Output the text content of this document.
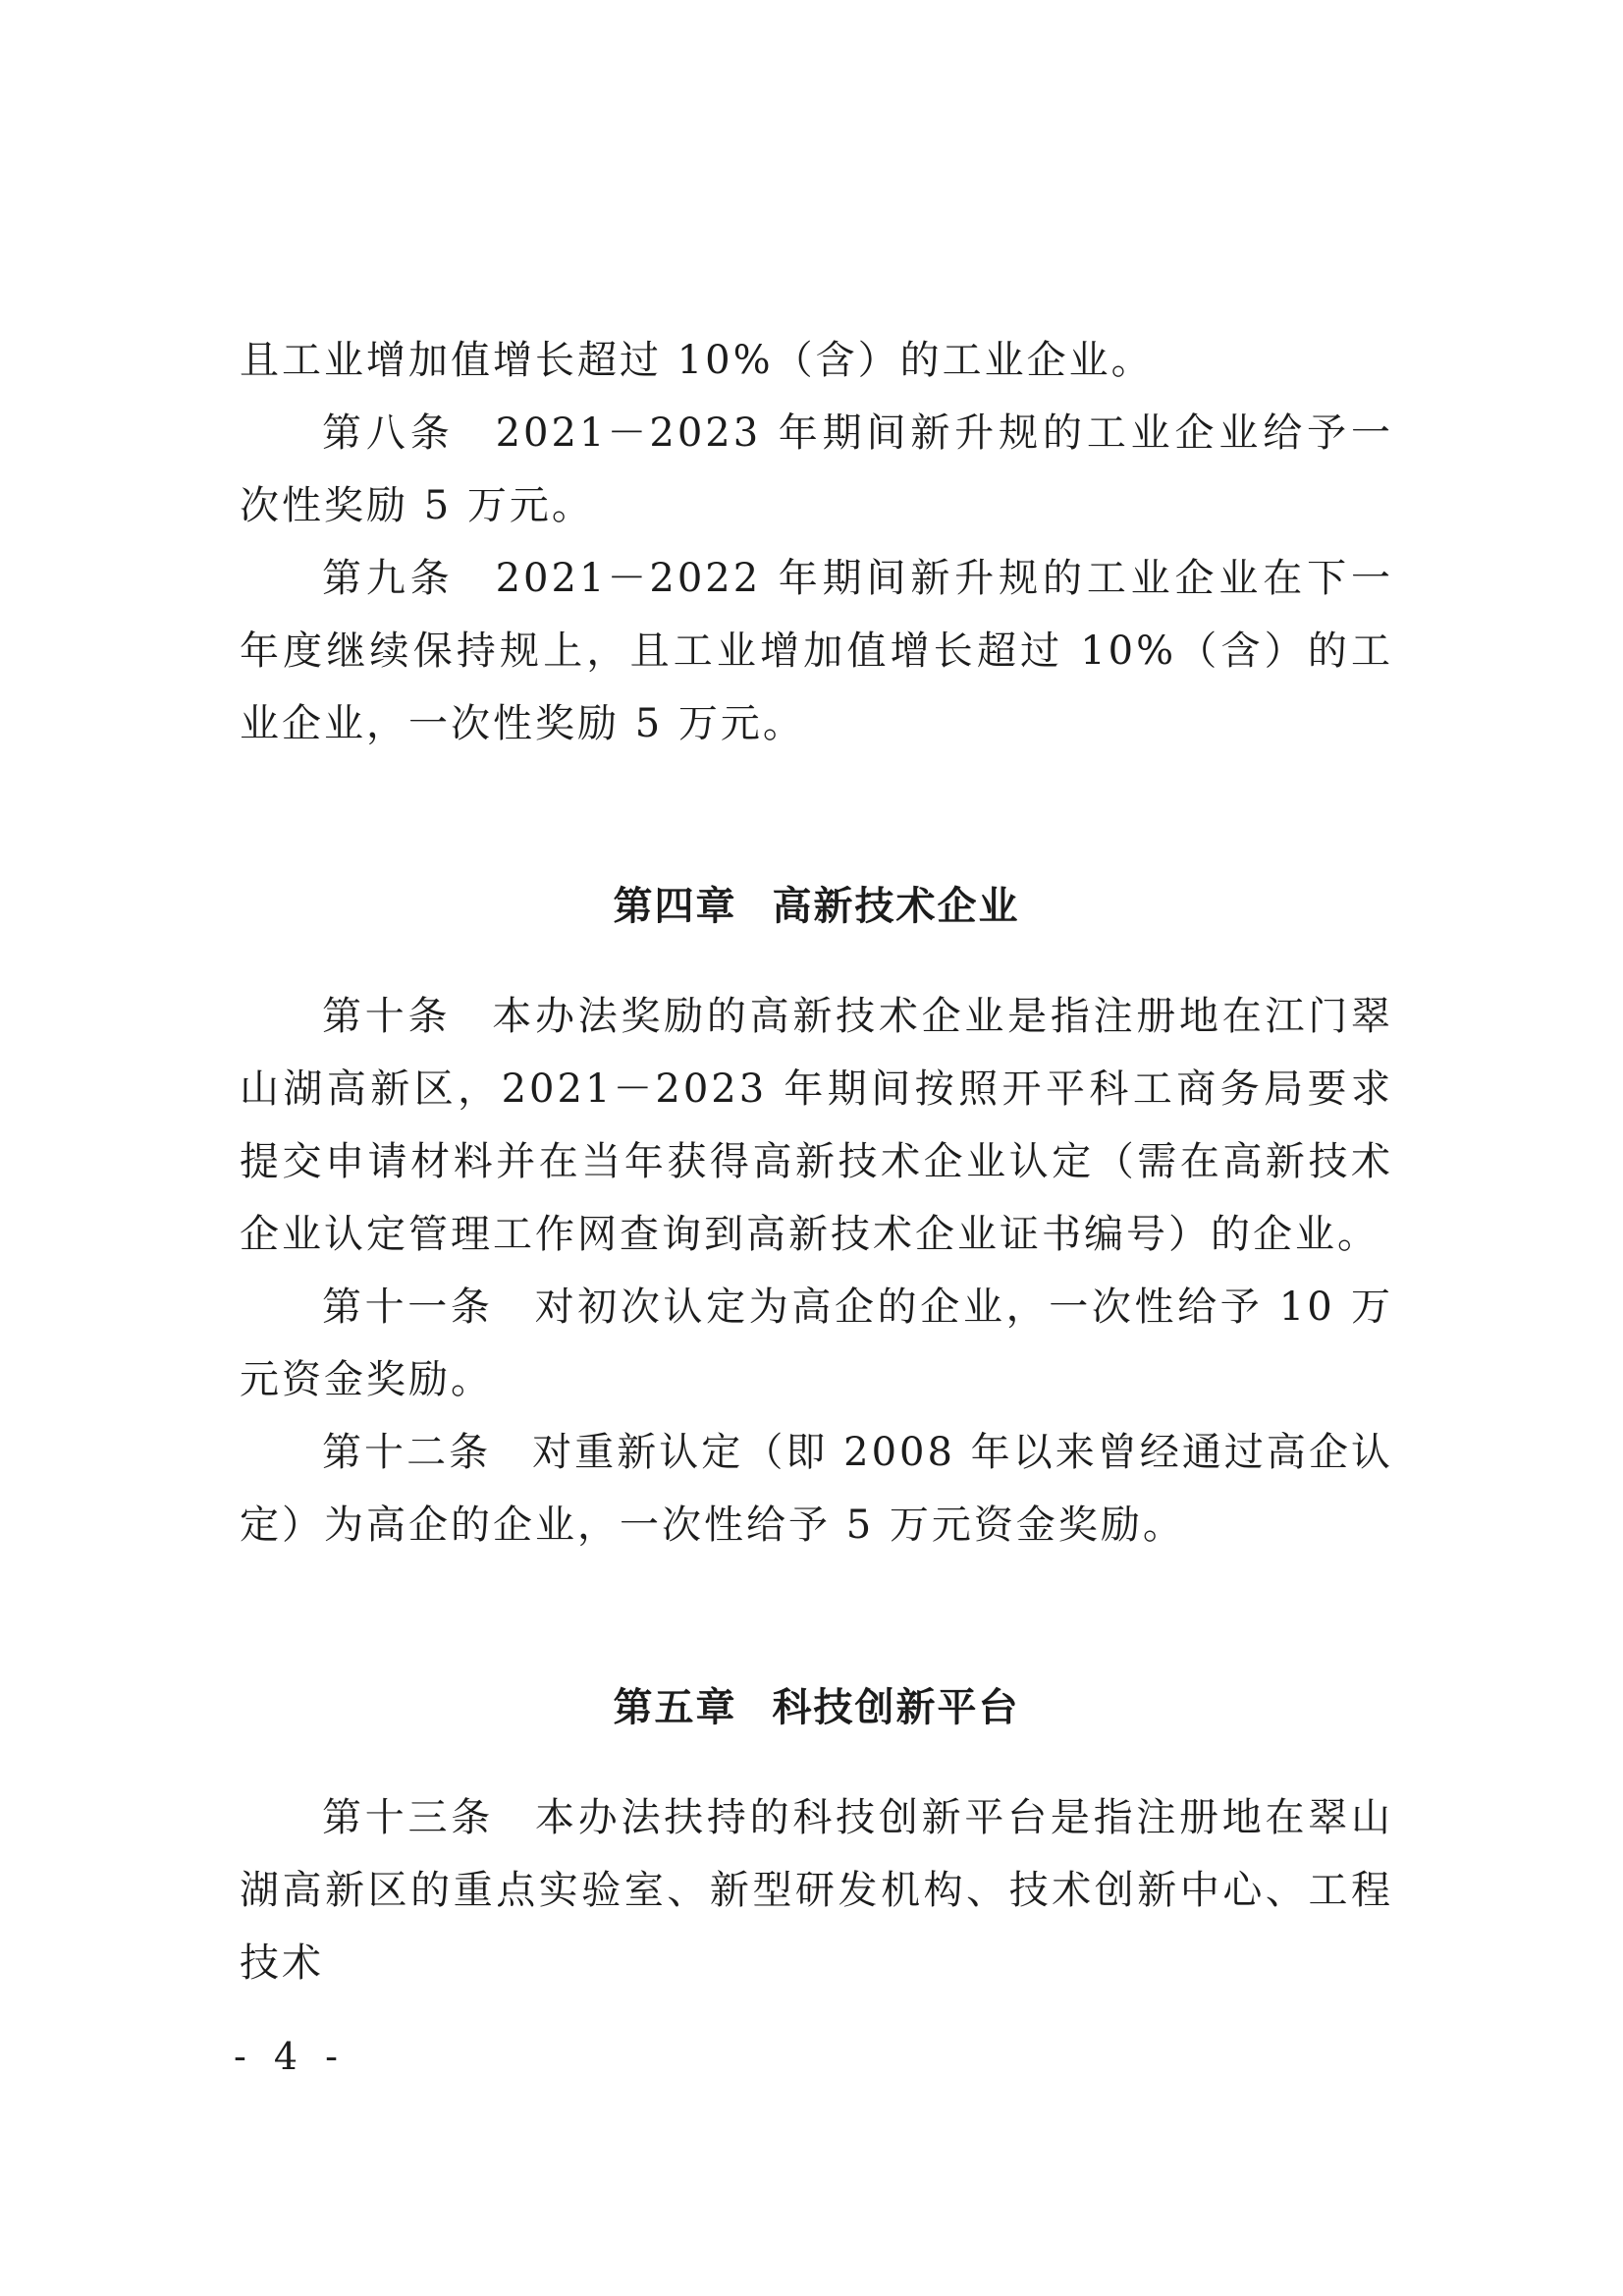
且工业增加值增长超过 10%（含）的工业企业。

第八条 2021－2023 年期间新升规的工业企业给予一次性奖励 5 万元。

第九条 2021－2022 年期间新升规的工业企业在下一年度继续保持规上，且工业增加值增长超过 10%（含）的工业企业，一次性奖励 5 万元。

第四章 高新技术企业

第十条 本办法奖励的高新技术企业是指注册地在江门翠山湖高新区，2021－2023 年期间按照开平科工商务局要求提交申请材料并在当年获得高新技术企业认定（需在高新技术企业认定管理工作网查询到高新技术企业证书编号）的企业。

第十一条 对初次认定为高企的企业，一次性给予 10 万元资金奖励。

第十二条 对重新认定（即 2008 年以来曾经通过高企认定）为高企的企业，一次性给予 5 万元资金奖励。

第五章 科技创新平台

第十三条 本办法扶持的科技创新平台是指注册地在翠山湖高新区的重点实验室、新型研发机构、技术创新中心、工程技术

- 4 -
